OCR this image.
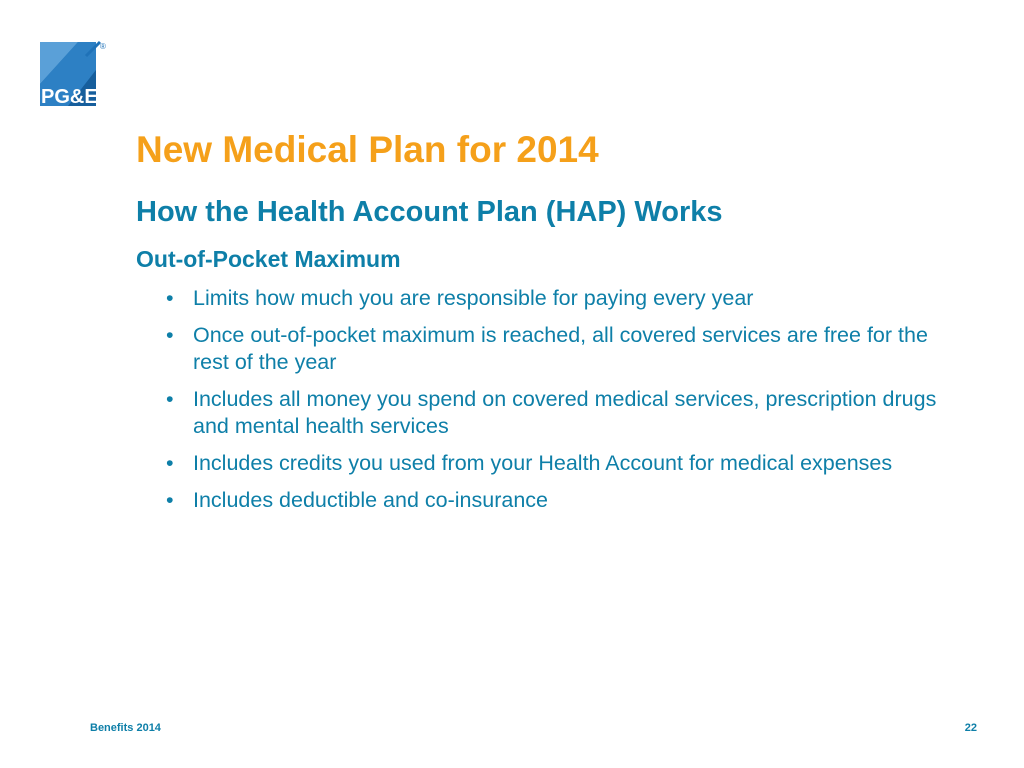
PG&E
®
New Medical Plan for 2014
How the Health Account Plan (HAP) Works
Out-of-Pocket Maximum
• Limits how much you are responsible for paying every year
• Once out-of-pocket maximum is reached, all covered services are free for the rest of the year
• Includes all money you spend on covered medical services, prescription drugs and mental health services
• Includes credits you used from your Health Account for medical expenses
• Includes deductible and co-insurance
Benefits 2014	22
